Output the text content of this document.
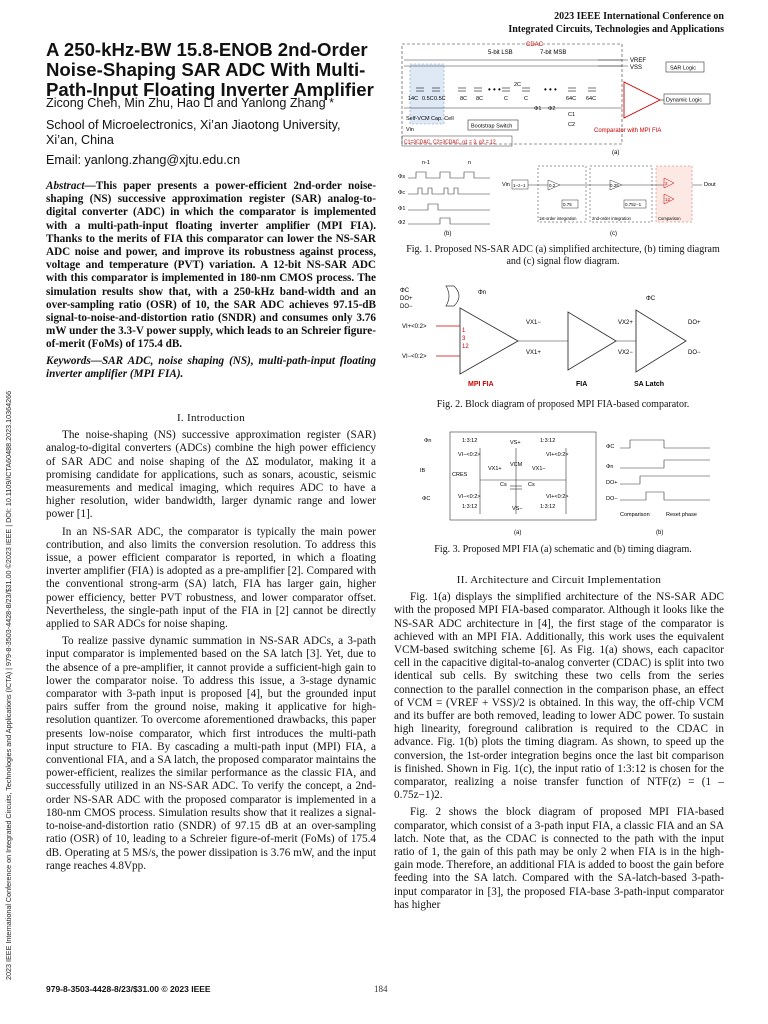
2023 IEEE International Conference on
Integrated Circuits, Technologies and Applications
2023 IEEE International Conference on Integrated Circuits, Technologies and Applications (ICTA) | 979-8-3503-4428-8/23/$31.00 ©2023 IEEE | DOI: 10.1109/ICTA60488.2023.10364266
A 250-kHz-BW 15.8-ENOB 2nd-Order Noise-Shaping SAR ADC With Multi-Path-Input Floating Inverter Amplifier
Zicong Chen, Min Zhu, Hao Li and Yanlong Zhang *
School of Microelectronics, Xi’an Jiaotong University, Xi’an, China
Email: yanlong.zhang@xjtu.edu.cn
Abstract—This paper presents a power-efficient 2nd-order noise-shaping (NS) successive approximation register (SAR) analog-to-digital converter (ADC) in which the comparator is implemented with a multi-path-input floating inverter amplifier (MPI FIA). Thanks to the merits of FIA this comparator can lower the NS-SAR ADC noise and power, and improve its robustness against process, voltage and temperature (PVT) variation. A 12-bit NS-SAR ADC with this comparator is implemented in 180-nm CMOS process. The simulation results show that, with a 250-kHz band-width and an over-sampling ratio (OSR) of 10, the SAR ADC achieves 97.15-dB signal-to-noise-and-distortion ratio (SNDR) and consumes only 3.76 mW under the 3.3-V power supply, which leads to an Schreier figure-of-merit (FoMs) of 175.4 dB.
Keywords—SAR ADC, noise shaping (NS), multi-path-input floating inverter amplifier (MPI FIA).
I. Introduction

The noise-shaping (NS) successive approximation register (SAR) analog-to-digital converters (ADCs) combine the high power efficiency of SAR ADC and noise shaping of the ΔΣ modulator, making it a promising candidate for applications, such as sonars, acoustic, seismic measurements and medical imaging, which requires ADC to have a higher resolution, wider bandwidth, larger dynamic range and lower power [1].

In an NS-SAR ADC, the comparator is typically the main power contribution, and also limits the conversion resolution. To address this issue, a power efficient comparator is reported, in which a floating inverter amplifier (FIA) is adopted as a pre-amplifier [2]. Compared with the conventional strong-arm (SA) latch, FIA has larger gain, higher power efficiency, better PVT robustness, and lower comparator offset. Nevertheless, the single-path input of the FIA in [2] cannot be directly applied to SAR ADCs for noise shaping.

To realize passive dynamic summation in NS-SAR ADCs, a 3-path input comparator is implemented based on the SA latch [3]. Yet, due to the absence of a pre-amplifier, it cannot provide a sufficient-high gain to lower the comparator noise. To address this issue, a 3-stage dynamic comparator with 3-path input is proposed [4], but the grounded input pairs suffer from the ground noise, making it applicative for high-resolution quantizer. To overcome aforementioned drawbacks, this paper presents low-noise comparator, which first introduces the multi-path input structure to FIA. By cascading a multi-path input (MPI) FIA, a conventional FIA, and a SA latch, the proposed comparator maintains the power-efficient, realizes the similar performance as the classic FIA, and successfully utilized in an NS-SAR ADC. To verify the concept, a 2nd-order NS-SAR ADC with the proposed comparator is implemented in a 180-nm CMOS process. Simulation results show that it realizes a signal-to-noise-and-distortion ratio (SNDR) of 97.15 dB at an over-sampling ratio (OSR) of 10, leading to a Schreier figure-of-merit (FoMs) of 175.4 dB. Operating at 5 MS/s, the power dissipation is 3.76 mW, and the input range reaches 4.8Vpp.

5-bit LSB	7-bit MSB
CDAC
VREF
VSS
14C 0.5C 0.5C	8C 8C	C
2C
C	64C 64C
• • •	• • •
Self-VCM Cap. Cell
Vin
Bootstrap Switch
C1=3CDAC, C2=3CDAC, g1 = 3, g2 = 12
Comparator with MPI FIA
SAR Logic
Dynamic Logic
C1
C2
Φ1 Φ2
(a)
n-1	n
Φs
Φc
Φ1
Φ2
(b)
Vin 1−z−1	0.2	0.25
0.75	0.75z−1
3
12
Dout
1st-order integration	2nd-order integration	Comparison
(c)
Fig. 1. Proposed NS-SAR ADC (a) simplified architecture, (b) timing diagram and (c) signal flow diagram.
ΦC
DO+
DO−
Φn
1
3
12
VI+<0:2>
VI−<0:2>
VX1−
VX1+
VX2+
VX2−
ΦC
DO+
DO−
MPI FIA	FIA	SA Latch
Fig. 2. Block diagram of proposed MPI FIA-based comparator.
Φn
IB
ΦC
1:3:12	1:3:12
VS+
VI−<0:2>	VI+<0:2>
VCM
CRES
VX1+	VX1−
Cs	Cs
VI−<0:2>	VI+<0:2>
1:3:12	1:3:12
VS−
(a)
ΦC
Φn
DO+
DO−
Comparison	Reset phase
(b)
Fig. 3. Proposed MPI FIA (a) schematic and (b) timing diagram.
II. Architecture and Circuit Implementation

Fig. 1(a) displays the simplified architecture of the NS-SAR ADC with the proposed MPI FIA-based comparator. Although it looks like the NS-SAR ADC architecture in [4], the first stage of the comparator is achieved with an MPI FIA. Additionally, this work uses the equivalent VCM-based switching scheme [6]. As Fig. 1(a) shows, each capacitor cell in the capacitive digital-to-analog converter (CDAC) is split into two identical sub cells. By switching these two cells from the series connection to the parallel connection in the comparison phase, an effect of VCM = (VREF + VSS)/2 is obtained. In this way, the off-chip VCM and its buffer are both removed, leading to lower ADC power. To sustain high linearity, foreground calibration is required to the CDAC in advance. Fig. 1(b) plots the timing diagram. As shown, to speed up the conversion, the 1st-order integration begins once the last bit comparison is finished. Shown in Fig. 1(c), the input ratio of 1:3:12 is chosen for the comparator, realizing a noise transfer function of NTF(z) = (1 – 0.75z−1)2.

Fig. 2 shows the block diagram of proposed MPI FIA-based comparator, which consist of a 3-path input FIA, a classic FIA and an SA latch. Note that, as the CDAC is connected to the path with the input ratio of 1, the gain of this path may be only 2 when FIA is in the high-gain mode. Therefore, an additional FIA is added to boost the gain before feeding into the SA latch. Compared with the SA-latch-based 3-path-input comparator in [3], the proposed FIA-base 3-path-input comparator has higher

979-8-3503-4428-8/23/$31.00 © 2023 IEEE	184
